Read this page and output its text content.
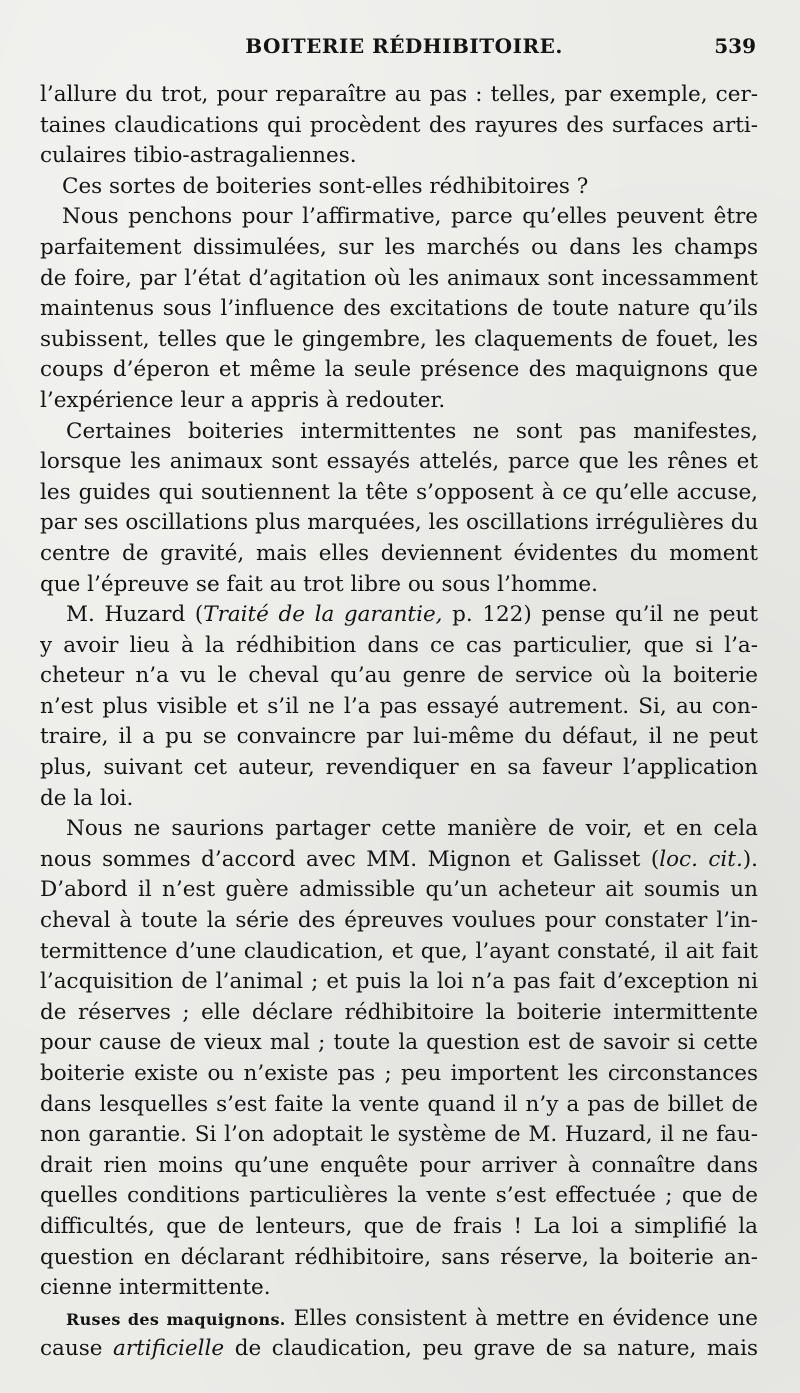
BOITERIE RÉDHIBITOIRE.	539
l’allure du trot, pour reparaître au pas : telles, par exemple, cer-
taines claudications qui procèdent des rayures des surfaces arti-
culaires tibio-astragaliennes.
Ces sortes de boiteries sont-elles rédhibitoires ?
Nous penchons pour l’affirmative, parce qu’elles peuvent être
parfaitement dissimulées, sur les marchés ou dans les champs
de foire, par l’état d’agitation où les animaux sont incessamment
maintenus sous l’influence des excitations de toute nature qu’ils
subissent, telles que le gingembre, les claquements de fouet, les
coups d’éperon et même la seule présence des maquignons que
l’expérience leur a appris à redouter.
Certaines boiteries intermittentes ne sont pas manifestes,
lorsque les animaux sont essayés attelés, parce que les rênes et
les guides qui soutiennent la tête s’opposent à ce qu’elle accuse,
par ses oscillations plus marquées, les oscillations irrégulières du
centre de gravité, mais elles deviennent évidentes du moment
que l’épreuve se fait au trot libre ou sous l’homme.
M. Huzard (Traité de la garantie, p. 122) pense qu’il ne peut
y avoir lieu à la rédhibition dans ce cas particulier, que si l’a-
cheteur n’a vu le cheval qu’au genre de service où la boiterie
n’est plus visible et s’il ne l’a pas essayé autrement. Si, au con-
traire, il a pu se convaincre par lui-même du défaut, il ne peut
plus, suivant cet auteur, revendiquer en sa faveur l’application
de la loi.
Nous ne saurions partager cette manière de voir, et en cela
nous sommes d’accord avec MM. Mignon et Galisset (loc. cit.).
D’abord il n’est guère admissible qu’un acheteur ait soumis un
cheval à toute la série des épreuves voulues pour constater l’in-
termittence d’une claudication, et que, l’ayant constaté, il ait fait
l’acquisition de l’animal ; et puis la loi n’a pas fait d’exception ni
de réserves ; elle déclare rédhibitoire la boiterie intermittente
pour cause de vieux mal ; toute la question est de savoir si cette
boiterie existe ou n’existe pas ; peu importent les circonstances
dans lesquelles s’est faite la vente quand il n’y a pas de billet de
non garantie. Si l’on adoptait le système de M. Huzard, il ne fau-
drait rien moins qu’une enquête pour arriver à connaître dans
quelles conditions particulières la vente s’est effectuée ; que de
difficultés, que de lenteurs, que de frais ! La loi a simplifié la
question en déclarant rédhibitoire, sans réserve, la boiterie an-
cienne intermittente.
Ruses des maquignons. Elles consistent à mettre en évidence une
cause artificielle de claudication, peu grave de sa nature, mais
